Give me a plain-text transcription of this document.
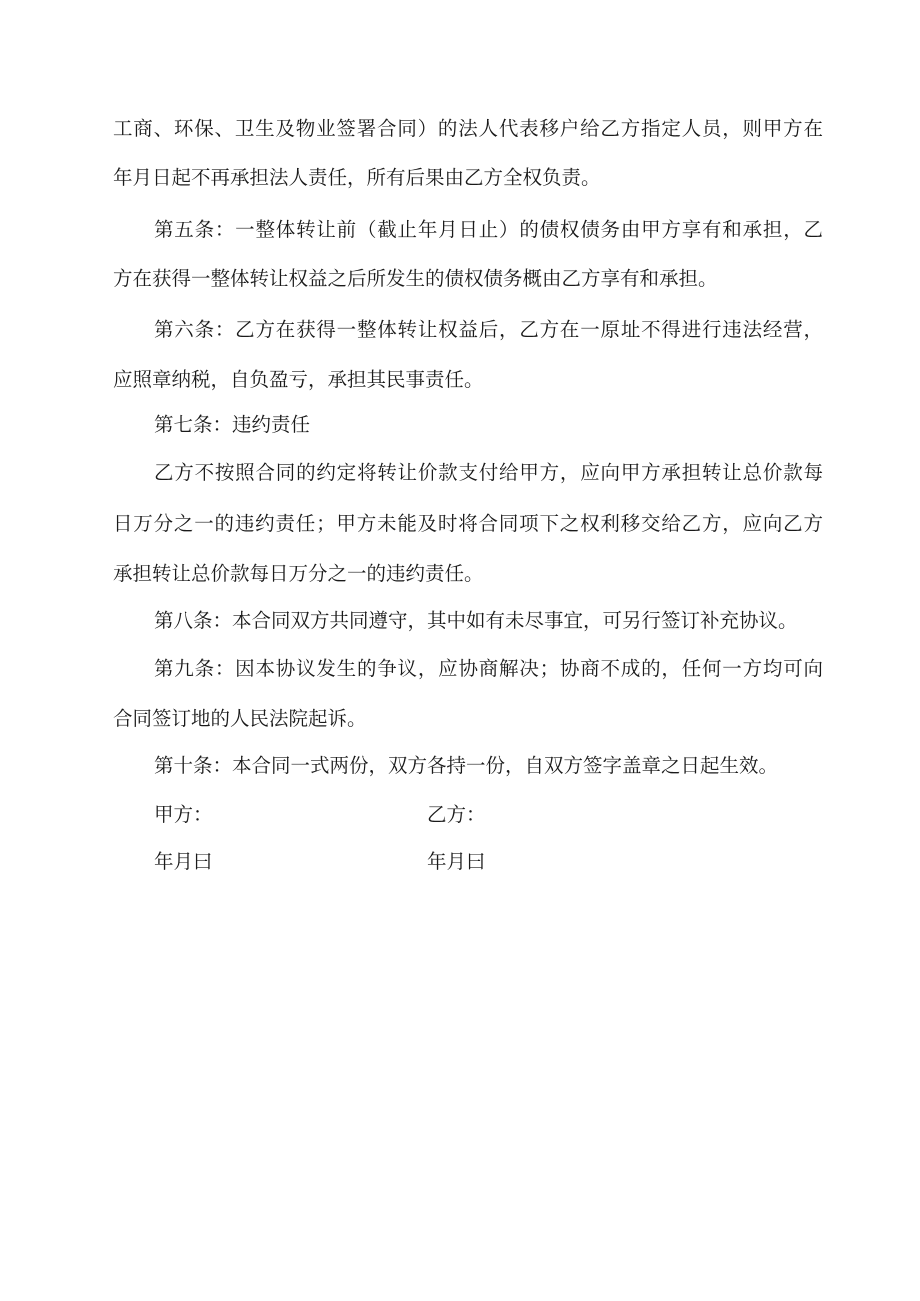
工商、环保、卫生及物业签署合同）的法人代表移户给乙方指定人员，则甲方在
年月日起不再承担法人责任，所有后果由乙方全权负责。
第五条：一整体转让前（截止年月日止）的债权债务由甲方享有和承担，乙
方在获得一整体转让权益之后所发生的债权债务概由乙方享有和承担。
第六条：乙方在获得一整体转让权益后，乙方在一原址不得进行违法经营，
应照章纳税，自负盈亏，承担其民事责任。
第七条：违约责任
乙方不按照合同的约定将转让价款支付给甲方，应向甲方承担转让总价款每
日万分之一的违约责任；甲方未能及时将合同项下之权利移交给乙方，应向乙方
承担转让总价款每日万分之一的违约责任。
第八条：本合同双方共同遵守，其中如有未尽事宜，可另行签订补充协议。
第九条：因本协议发生的争议，应协商解决；协商不成的，任何一方均可向
合同签订地的人民法院起诉。
第十条：本合同一式两份，双方各持一份，自双方签字盖章之日起生效。
甲方：	乙方：
年月曰	年月曰
